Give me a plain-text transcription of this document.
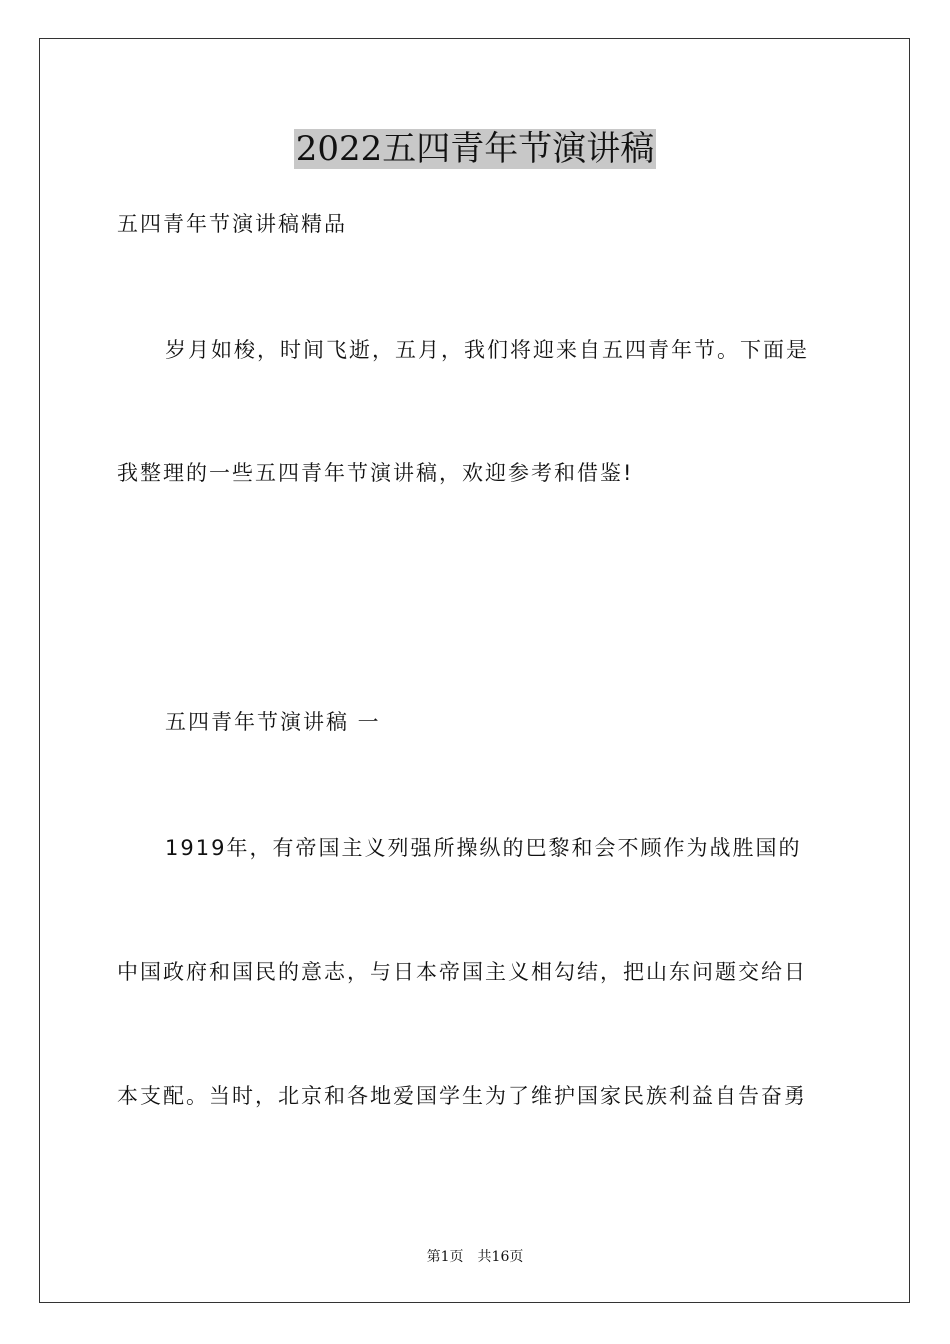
2022五四青年节演讲稿
五四青年节演讲稿精品
岁月如梭，时间飞逝，五月，我们将迎来自五四青年节。下面是
我整理的一些五四青年节演讲稿，欢迎参考和借鉴!
五四青年节演讲稿 一
1919年，有帝国主义列强所操纵的巴黎和会不顾作为战胜国的
中国政府和国民的意志，与日本帝国主义相勾结，把山东问题交给日
本支配。当时，北京和各地爱国学生为了维护国家民族利益自告奋勇
第1页 共16页
